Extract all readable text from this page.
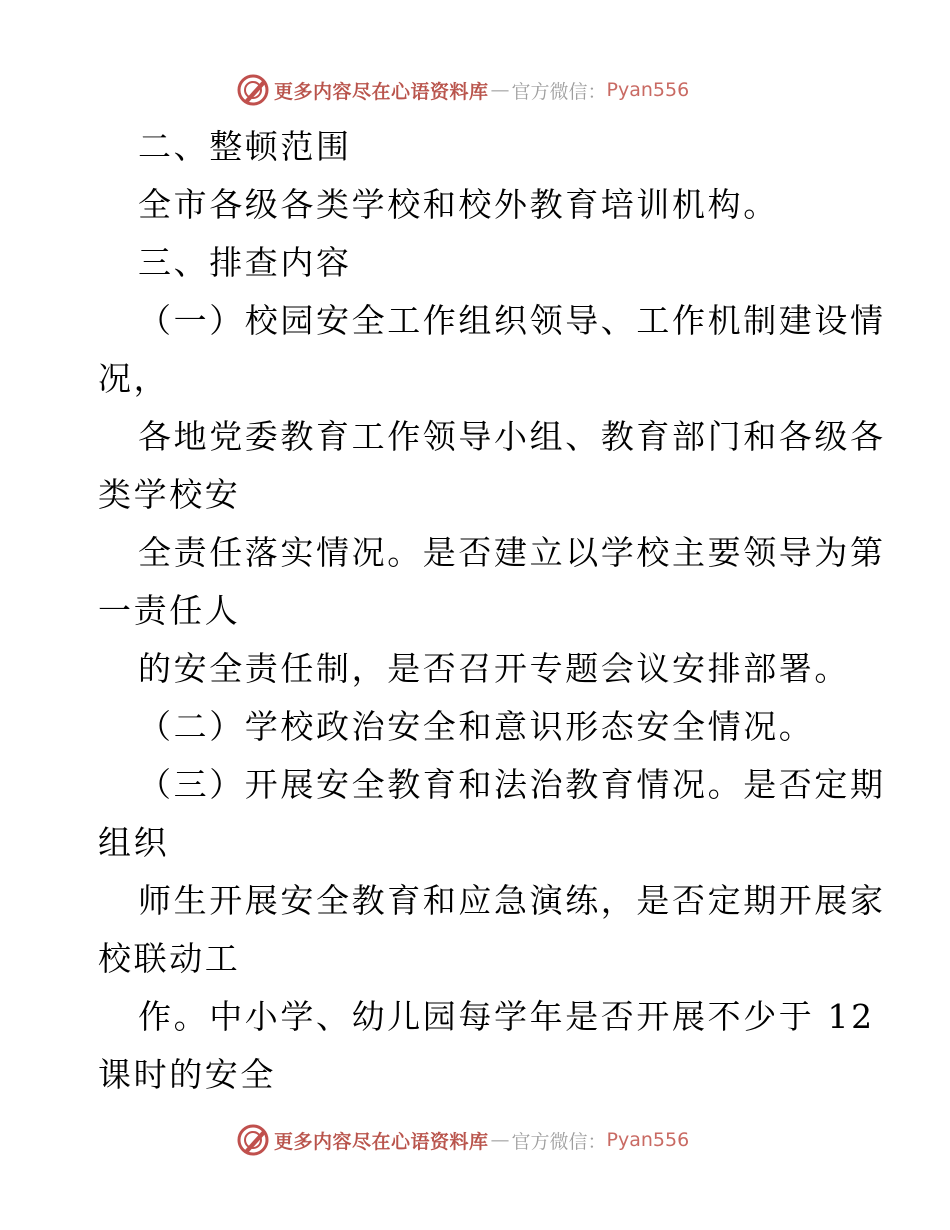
更多内容尽在心语资料库 — 官方微信： Pyan556
二、整顿范围
全市各级各类学校和校外教育培训机构。
三、排查内容
（一）校园安全工作组织领导、工作机制建设情
况，
各地党委教育工作领导小组、教育部门和各级各
类学校安
全责任落实情况。是否建立以学校主要领导为第
一责任人
的安全责任制，是否召开专题会议安排部署。
（二）学校政治安全和意识形态安全情况。
（三）开展安全教育和法治教育情况。是否定期
组织
师生开展安全教育和应急演练，是否定期开展家
校联动工
作。中小学、幼儿园每学年是否开展不少于 12
课时的安全
更多内容尽在心语资料库 — 官方微信： Pyan556
